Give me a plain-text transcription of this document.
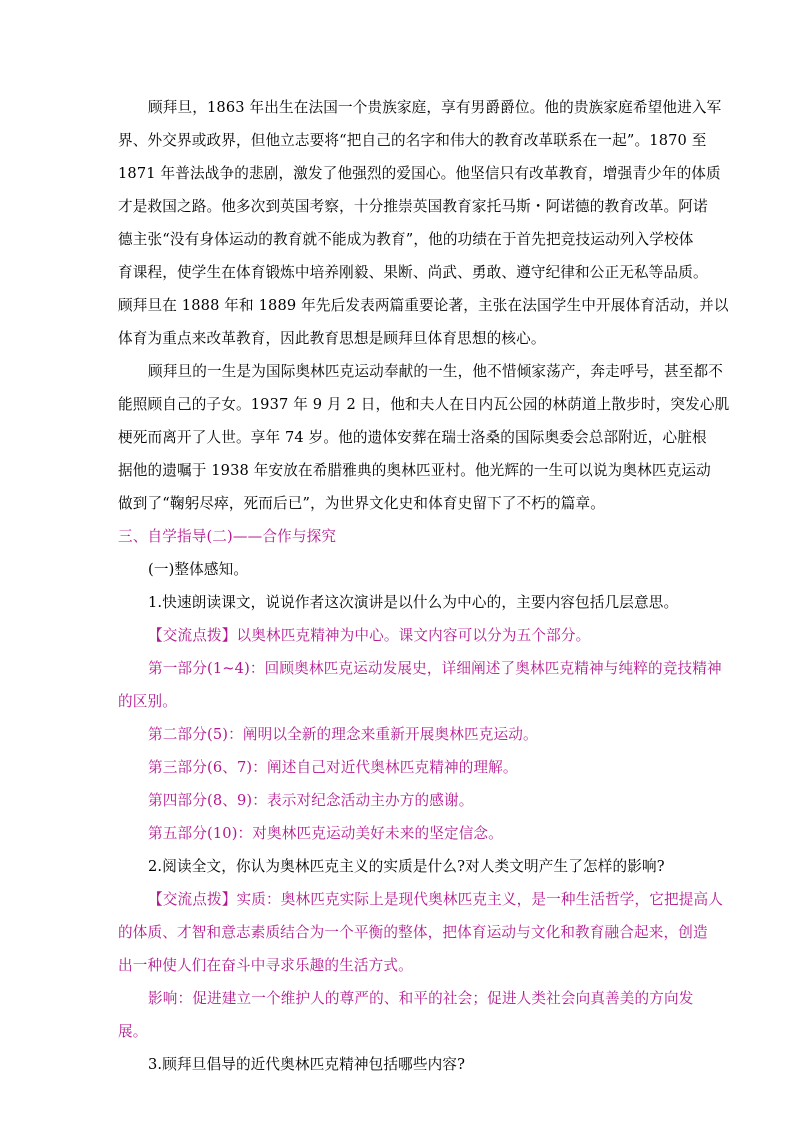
顾拜旦，1863 年出生在法国一个贵族家庭，享有男爵爵位。他的贵族家庭希望他进入军
界、外交界或政界，但他立志要将“把自己的名字和伟大的教育改革联系在一起”。1870 至
1871 年普法战争的悲剧，激发了他强烈的爱国心。他坚信只有改革教育，增强青少年的体质
才是救国之路。他多次到英国考察，十分推崇英国教育家托马斯・阿诺德的教育改革。阿诺
德主张“没有身体运动的教育就不能成为教育”，他的功绩在于首先把竞技运动列入学校体
育课程，使学生在体育锻炼中培养刚毅、果断、尚武、勇敢、遵守纪律和公正无私等品质。
顾拜旦在 1888 年和 1889 年先后发表两篇重要论著，主张在法国学生中开展体育活动，并以
体育为重点来改革教育，因此教育思想是顾拜旦体育思想的核心。
顾拜旦的一生是为国际奥林匹克运动奉献的一生，他不惜倾家荡产，奔走呼号，甚至都不
能照顾自己的子女。1937 年 9 月 2 日，他和夫人在日内瓦公园的林荫道上散步时，突发心肌
梗死而离开了人世。享年 74 岁。他的遗体安葬在瑞士洛桑的国际奥委会总部附近，心脏根
据他的遗嘱于 1938 年安放在希腊雅典的奥林匹亚村。他光辉的一生可以说为奥林匹克运动
做到了“鞠躬尽瘁，死而后已”，为世界文化史和体育史留下了不朽的篇章。
三、自学指导(二)——合作与探究
(一)整体感知。
1.快速朗读课文，说说作者这次演讲是以什么为中心的，主要内容包括几层意思。
【交流点拨】以奥林匹克精神为中心。课文内容可以分为五个部分。
第一部分(1~4)：回顾奥林匹克运动发展史，详细阐述了奥林匹克精神与纯粹的竞技精神
的区别。
第二部分(5)：阐明以全新的理念来重新开展奥林匹克运动。
第三部分(6、7)：阐述自己对近代奥林匹克精神的理解。
第四部分(8、9)：表示对纪念活动主办方的感谢。
第五部分(10)：对奥林匹克运动美好未来的坚定信念。
2.阅读全文，你认为奥林匹克主义的实质是什么?对人类文明产生了怎样的影响?
【交流点拨】实质：奥林匹克实际上是现代奥林匹克主义，是一种生活哲学，它把提高人
的体质、才智和意志素质结合为一个平衡的整体，把体育运动与文化和教育融合起来，创造
出一种使人们在奋斗中寻求乐趣的生活方式。
影响：促进建立一个维护人的尊严的、和平的社会；促进人类社会向真善美的方向发
展。
3.顾拜旦倡导的近代奥林匹克精神包括哪些内容?
